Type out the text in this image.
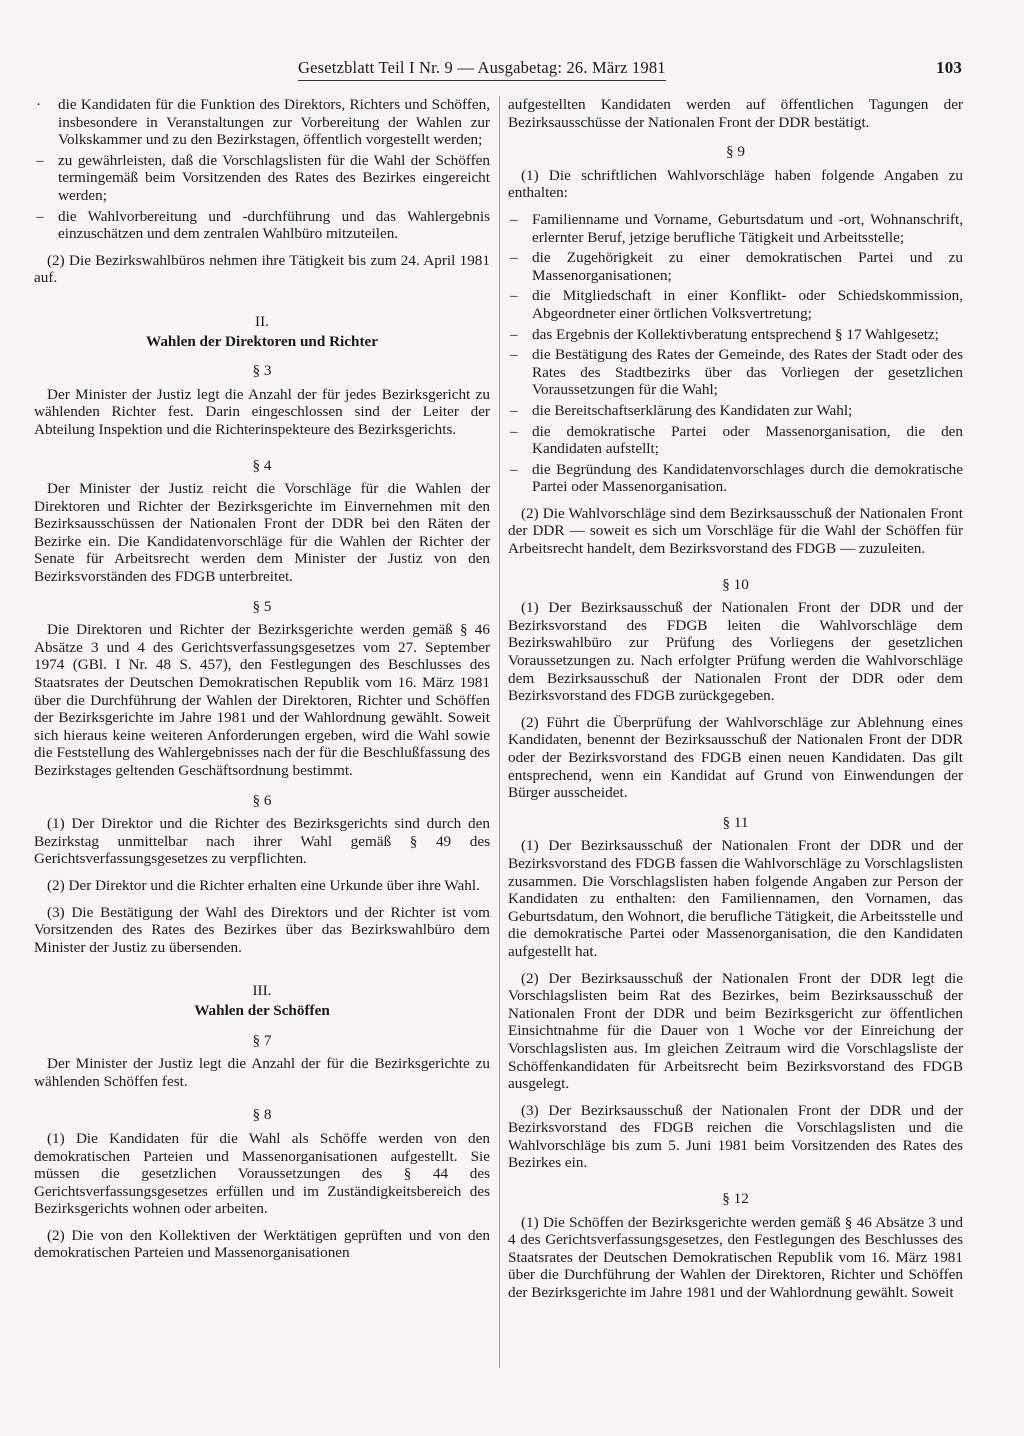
Gesetzblatt Teil I Nr. 9 — Ausgabetag: 26. März 1981	103
· die Kandidaten für die Funktion des Direktors, Richters und Schöffen, insbesondere in Veranstaltungen zur Vorbereitung der Wahlen zur Volkskammer und zu den Bezirkstagen, öffentlich vorgestellt werden;
– zu gewährleisten, daß die Vorschlagslisten für die Wahl der Schöffen termingemäß beim Vorsitzenden des Rates des Bezirkes eingereicht werden;
– die Wahlvorbereitung und -durchführung und das Wahlergebnis einzuschätzen und dem zentralen Wahlbüro mitzuteilen.

(2) Die Bezirkswahlbüros nehmen ihre Tätigkeit bis zum 24. April 1981 auf.

II.
Wahlen der Direktoren und Richter
§ 3

Der Minister der Justiz legt die Anzahl der für jedes Bezirksgericht zu wählenden Richter fest. Darin eingeschlossen sind der Leiter der Abteilung Inspektion und die Richterinspekteure des Bezirksgerichts.

§ 4

Der Minister der Justiz reicht die Vorschläge für die Wahlen der Direktoren und Richter der Bezirksgerichte im Einvernehmen mit den Bezirksausschüssen der Nationalen Front der DDR bei den Räten der Bezirke ein. Die Kandidatenvorschläge für die Wahlen der Richter der Senate für Arbeitsrecht werden dem Minister der Justiz von den Bezirksvorständen des FDGB unterbreitet.

§ 5

Die Direktoren und Richter der Bezirksgerichte werden gemäß § 46 Absätze 3 und 4 des Gerichtsverfassungsgesetzes vom 27. September 1974 (GBl. I Nr. 48 S. 457), den Festlegungen des Beschlusses des Staatsrates der Deutschen Demokratischen Republik vom 16. März 1981 über die Durchführung der Wahlen der Direktoren, Richter und Schöffen der Bezirksgerichte im Jahre 1981 und der Wahlordnung gewählt. Soweit sich hieraus keine weiteren Anforderungen ergeben, wird die Wahl sowie die Feststellung des Wahlergebnisses nach der für die Beschlußfassung des Bezirkstages geltenden Geschäftsordnung bestimmt.

§ 6

(1) Der Direktor und die Richter des Bezirksgerichts sind durch den Bezirkstag unmittelbar nach ihrer Wahl gemäß § 49 des Gerichtsverfassungsgesetzes zu verpflichten.

(2) Der Direktor und die Richter erhalten eine Urkunde über ihre Wahl.

(3) Die Bestätigung der Wahl des Direktors und der Richter ist vom Vorsitzenden des Rates des Bezirkes über das Bezirkswahlbüro dem Minister der Justiz zu übersenden.

III.
Wahlen der Schöffen
§ 7

Der Minister der Justiz legt die Anzahl der für die Bezirksgerichte zu wählenden Schöffen fest.

§ 8

(1) Die Kandidaten für die Wahl als Schöffe werden von den demokratischen Parteien und Massenorganisationen aufgestellt. Sie müssen die gesetzlichen Voraussetzungen des § 44 des Gerichtsverfassungsgesetzes erfüllen und im Zuständigkeitsbereich des Bezirksgerichts wohnen oder arbeiten.

(2) Die von den Kollektiven der Werktätigen geprüften und von den demokratischen Parteien und Massenorganisationen

aufgestellten Kandidaten werden auf öffentlichen Tagungen der Bezirksausschüsse der Nationalen Front der DDR bestätigt.

§ 9

(1) Die schriftlichen Wahlvorschläge haben folgende Angaben zu enthalten:

– Familienname und Vorname, Geburtsdatum und -ort, Wohnanschrift, erlernter Beruf, jetzige berufliche Tätigkeit und Arbeitsstelle;
– die Zugehörigkeit zu einer demokratischen Partei und zu Massenorganisationen;
– die Mitgliedschaft in einer Konflikt- oder Schiedskommission, Abgeordneter einer örtlichen Volksvertretung;
– das Ergebnis der Kollektivberatung entsprechend § 17 Wahlgesetz;
– die Bestätigung des Rates der Gemeinde, des Rates der Stadt oder des Rates des Stadtbezirks über das Vorliegen der gesetzlichen Voraussetzungen für die Wahl;
– die Bereitschaftserklärung des Kandidaten zur Wahl;
– die demokratische Partei oder Massenorganisation, die den Kandidaten aufstellt;
– die Begründung des Kandidatenvorschlages durch die demokratische Partei oder Massenorganisation.

(2) Die Wahlvorschläge sind dem Bezirksausschuß der Nationalen Front der DDR — soweit es sich um Vorschläge für die Wahl der Schöffen für Arbeitsrecht handelt, dem Bezirksvorstand des FDGB — zuzuleiten.

§ 10

(1) Der Bezirksausschuß der Nationalen Front der DDR und der Bezirksvorstand des FDGB leiten die Wahlvorschläge dem Bezirkswahlbüro zur Prüfung des Vorliegens der gesetzlichen Voraussetzungen zu. Nach erfolgter Prüfung werden die Wahlvorschläge dem Bezirksausschuß der Nationalen Front der DDR oder dem Bezirksvorstand des FDGB zurückgegeben.

(2) Führt die Überprüfung der Wahlvorschläge zur Ablehnung eines Kandidaten, benennt der Bezirksausschuß der Nationalen Front der DDR oder der Bezirksvorstand des FDGB einen neuen Kandidaten. Das gilt entsprechend, wenn ein Kandidat auf Grund von Einwendungen der Bürger ausscheidet.

§ 11

(1) Der Bezirksausschuß der Nationalen Front der DDR und der Bezirksvorstand des FDGB fassen die Wahlvorschläge zu Vorschlagslisten zusammen. Die Vorschlagslisten haben folgende Angaben zur Person der Kandidaten zu enthalten: den Familiennamen, den Vornamen, das Geburtsdatum, den Wohnort, die berufliche Tätigkeit, die Arbeitsstelle und die demokratische Partei oder Massenorganisation, die den Kandidaten aufgestellt hat.

(2) Der Bezirksausschuß der Nationalen Front der DDR legt die Vorschlagslisten beim Rat des Bezirkes, beim Bezirksausschuß der Nationalen Front der DDR und beim Bezirksgericht zur öffentlichen Einsichtnahme für die Dauer von 1 Woche vor der Einreichung der Vorschlagslisten aus. Im gleichen Zeitraum wird die Vorschlagsliste der Schöffenkandidaten für Arbeitsrecht beim Bezirksvorstand des FDGB ausgelegt.

(3) Der Bezirksausschuß der Nationalen Front der DDR und der Bezirksvorstand des FDGB reichen die Vorschlagslisten und die Wahlvorschläge bis zum 5. Juni 1981 beim Vorsitzenden des Rates des Bezirkes ein.

§ 12

(1) Die Schöffen der Bezirksgerichte werden gemäß § 46 Absätze 3 und 4 des Gerichtsverfassungsgesetzes, den Festlegungen des Beschlusses des Staatsrates der Deutschen Demokratischen Republik vom 16. März 1981 über die Durchführung der Wahlen der Direktoren, Richter und Schöffen der Bezirksgerichte im Jahre 1981 und der Wahlordnung gewählt. Soweit
